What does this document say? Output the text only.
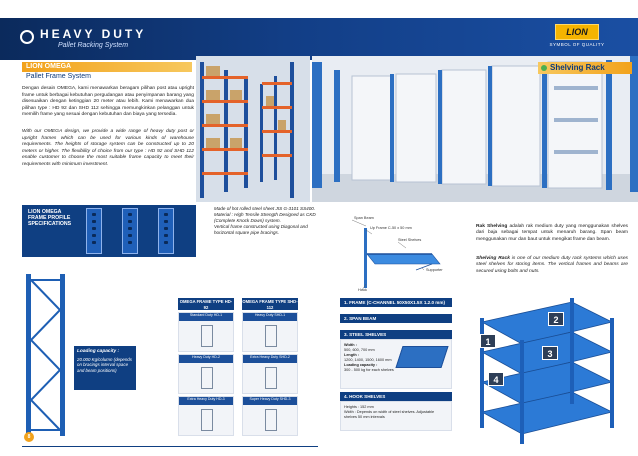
HEAVY DUTY
Pallet Racking System
LION
SYMBOL OF QUALITY
LION OMEGA
Pallet Frame System
Dengan desain OMEGA, kami menawarkan beragam pilihan post atau upright frame untuk berbagai kebutuhan pergudangan atau penyimpanan barang yang disesuaikan dengan ketinggian 20 meter atau lebih. Kami menawarkan dua pilihan type : HD 92 dan SHD 112 sehingga memungkinkan pelanggan untuk memilih frame yang sesuai dengan kebutuhan dan biaya yang tersedia.
With our OMEGA design, we provide a wide range of heavy duty post or upright frames which can be used for various kinds of warehouse requirements. The heights of storage system can be constructed up to 20 meters or higher. The flexibility of choice from our type : HD 92 and SHD 112 enable customer to choose the most suitable frame capacity to meet their requirements with minimum investment.
LION OMEGA FRAME PROFILE SPECIFICATIONS
Made of hot rolled steel sheet JIS G-3101 SS400.
Material : High Tensile Strength Designed as CKD (Complete Knock Down) system.
Vertical frame constructed using Diagonal and horizontal square pipe bracings.
Loading capacity :
20.000 Kg/column (depends on bracings interval space and beam positions)
OMEGA FRAME TYPE HD-92
Standard Duty HD-1
Heavy Duty HD-2
Extra Heavy Duty HD-3
OMEGA FRAME TYPE SHD-112
Heavy Duty SHD-1
Extra Heavy Duty SHD-2
Super Heavy Duty SHD-3
8
Shelving Rack
Span Beam
Up Frame C-50 x 50 mm
Steel Shelves
Supporter
Hook
Rak Shelving adalah rak medium duty yang menggunakan shelves dari baja sebagai tempat untuk menaruh barang. Span beam menggunakan mur dan baut untuk mengikat frame dan beam.
Shelving Rack is one of our medium duty rack systems which uses steel shelves for storing items. The vertical frames and beams are secured using bolts and nuts.
1. FRAME (C-CHANNEL 50X50X1.5X 1.2.0 mm)
2. SPAN BEAM
3. STEEL SHELVES
Width :
500, 600, 700 mm
Length :
1200, 1400, 1500, 1600 mm
Loading capacity :
300 - 500 kg for each shelves
4. HOOK SHELVES
Heights : 152 mm
Width : Depends on width of steel shelves. Adjustable shelves 50 mm intervals
1
2
3
4
